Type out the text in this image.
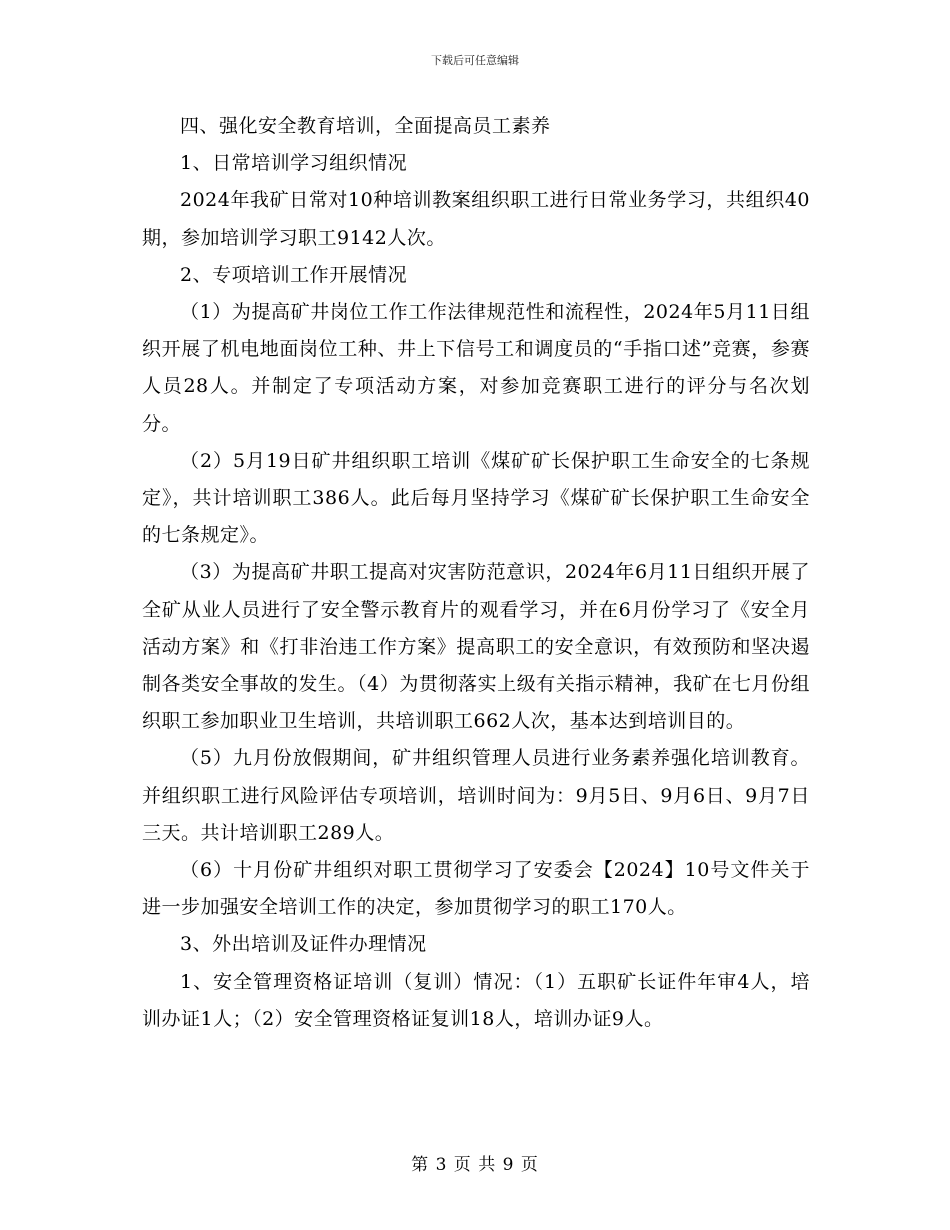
下载后可任意编辑

四、强化安全教育培训，全面提高员工素养

1、日常培训学习组织情况

2024年我矿日常对10种培训教案组织职工进行日常业务学习，共组织40期，参加培训学习职工9142人次。

2、专项培训工作开展情况

（1）为提高矿井岗位工作工作法律规范性和流程性，2024年5月11日组织开展了机电地面岗位工种、井上下信号工和调度员的“手指口述”竞赛，参赛人员28人。并制定了专项活动方案，对参加竞赛职工进行的评分与名次划分。

（2）5月19日矿井组织职工培训《煤矿矿长保护职工生命安全的七条规定》，共计培训职工386人。此后每月坚持学习《煤矿矿长保护职工生命安全的七条规定》。

（3）为提高矿井职工提高对灾害防范意识，2024年6月11日组织开展了全矿从业人员进行了安全警示教育片的观看学习，并在6月份学习了《安全月活动方案》和《打非治违工作方案》提高职工的安全意识，有效预防和坚决遏制各类安全事故的发生。（4）为贯彻落实上级有关指示精神，我矿在七月份组织职工参加职业卫生培训，共培训职工662人次，基本达到培训目的。

（5）九月份放假期间，矿井组织管理人员进行业务素养强化培训教育。并组织职工进行风险评估专项培训，培训时间为：9月5日、9月6日、9月7日三天。共计培训职工289人。

（6）十月份矿井组织对职工贯彻学习了安委会【2024】10号文件关于进一步加强安全培训工作的决定，参加贯彻学习的职工170人。

3、外出培训及证件办理情况

1、安全管理资格证培训（复训）情况：（1）五职矿长证件年审4人，培训办证1人；（2）安全管理资格证复训18人，培训办证9人。

第 3 页 共 9 页
